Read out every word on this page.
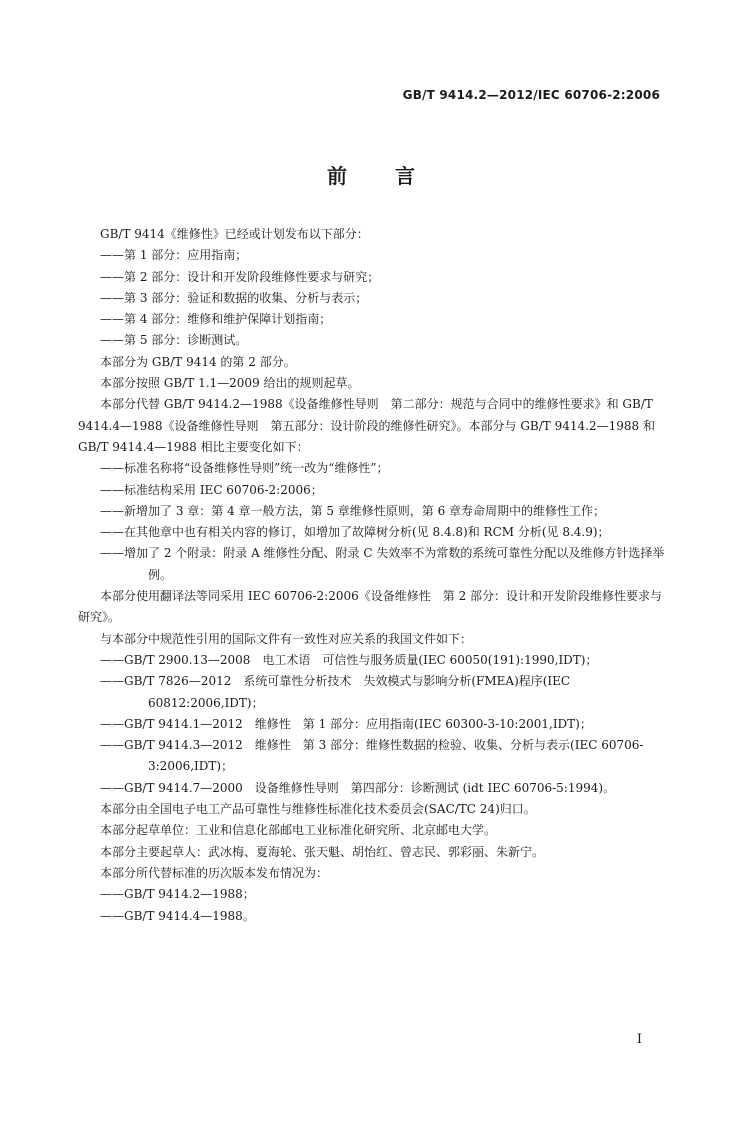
GB/T 9414.2—2012/IEC 60706-2:2006
前　言

GB/T 9414《维修性》已经或计划发布以下部分：

——第 1 部分：应用指南；

——第 2 部分：设计和开发阶段维修性要求与研究；

——第 3 部分：验证和数据的收集、分析与表示；

——第 4 部分：维修和维护保障计划指南；

——第 5 部分：诊断测试。

本部分为 GB/T 9414 的第 2 部分。

本部分按照 GB/T 1.1—2009 给出的规则起草。

本部分代替 GB/T 9414.2—1988《设备维修性导则　第二部分：规范与合同中的维修性要求》和 GB/T 9414.4—1988《设备维修性导则　第五部分：设计阶段的维修性研究》。本部分与 GB/T 9414.2—1988 和 GB/T 9414.4—1988 相比主要变化如下：

——标准名称将“设备维修性导则”统一改为“维修性”；

——标准结构采用 IEC 60706-2:2006；

——新增加了 3 章：第 4 章一般方法，第 5 章维修性原则，第 6 章寿命周期中的维修性工作；

——在其他章中也有相关内容的修订，如增加了故障树分析(见 8.4.8)和 RCM 分析(见 8.4.9)；

——增加了 2 个附录：附录 A 维修性分配、附录 C 失效率不为常数的系统可靠性分配以及维修方针选择举例。

本部分使用翻译法等同采用 IEC 60706-2:2006《设备维修性　第 2 部分：设计和开发阶段维修性要求与研究》。

与本部分中规范性引用的国际文件有一致性对应关系的我国文件如下：

——GB/T 2900.13—2008　电工术语　可信性与服务质量(IEC 60050(191):1990,IDT)；

——GB/T 7826—2012　系统可靠性分析技术　失效模式与影响分析(FMEA)程序(IEC 60812:2006,IDT)；

——GB/T 9414.1—2012　维修性　第 1 部分：应用指南(IEC 60300-3-10:2001,IDT)；

——GB/T 9414.3—2012　维修性　第 3 部分：维修性数据的检验、收集、分析与表示(IEC 60706-3:2006,IDT)；

——GB/T 9414.7—2000　设备维修性导则　第四部分：诊断测试 (idt IEC 60706-5:1994)。

本部分由全国电子电工产品可靠性与维修性标准化技术委员会(SAC/TC 24)归口。

本部分起草单位：工业和信息化部邮电工业标准化研究所、北京邮电大学。

本部分主要起草人：武冰梅、夏海轮、张天魁、胡怡红、曾志民、郭彩丽、朱新宁。

本部分所代替标准的历次版本发布情况为：

——GB/T 9414.2—1988；

——GB/T 9414.4—1988。

I
